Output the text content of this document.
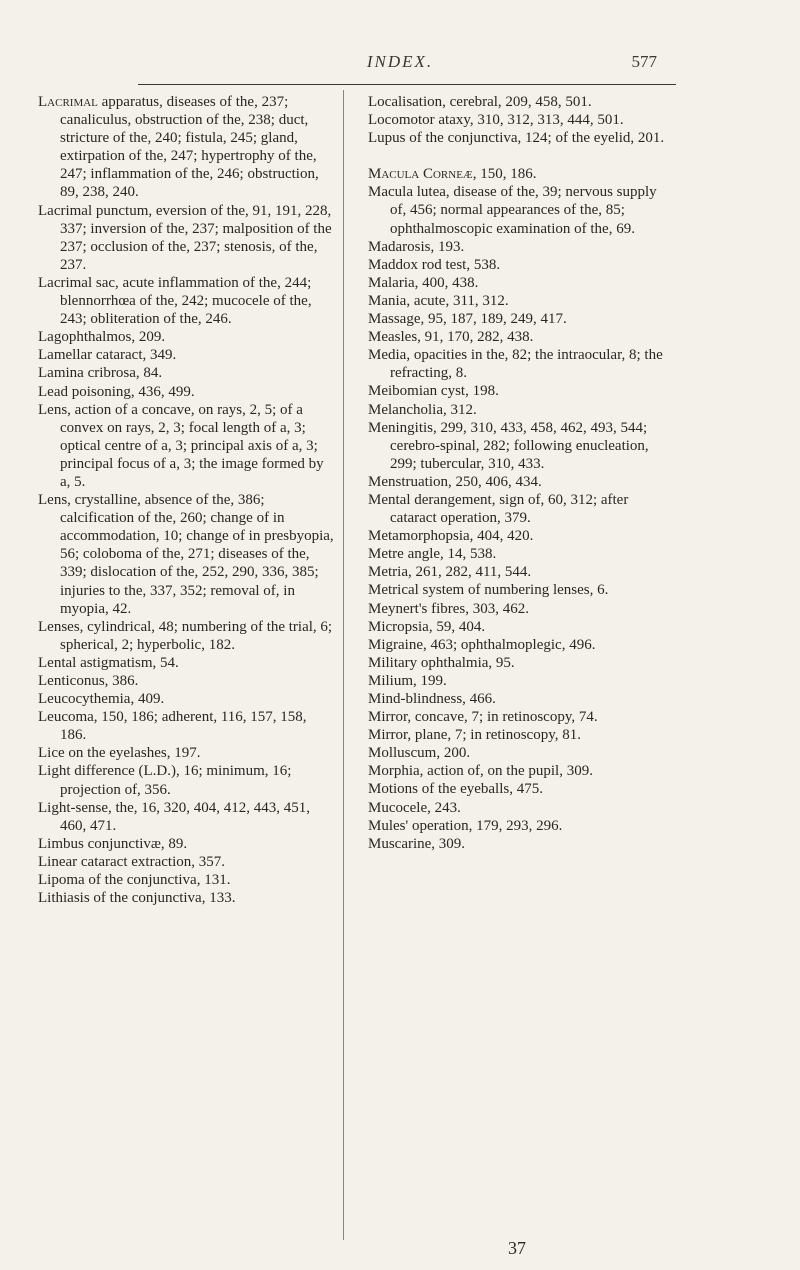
INDEX.	577

Lacrimal apparatus, diseases of the, 237; canaliculus, obstruction of the, 238; duct, stricture of the, 240; fistula, 245; gland, extirpation of the, 247; hypertrophy of the, 247; inflammation of the, 246; obstruction, 89, 238, 240.

Lacrimal punctum, eversion of the, 91, 191, 228, 337; inversion of the, 237; malposition of the 237; occlusion of the, 237; stenosis, of the, 237.

Lacrimal sac, acute inflammation of the, 244; blennorrhœa of the, 242; mucocele of the, 243; obliteration of the, 246.

Lagophthalmos, 209.

Lamellar cataract, 349.

Lamina cribrosa, 84.

Lead poisoning, 436, 499.

Lens, action of a concave, on rays, 2, 5; of a convex on rays, 2, 3; focal length of a, 3; optical centre of a, 3; principal axis of a, 3; principal focus of a, 3; the image formed by a, 5.

Lens, crystalline, absence of the, 386; calcification of the, 260; change of in accommodation, 10; change of in presbyopia, 56; coloboma of the, 271; diseases of the, 339; dislocation of the, 252, 290, 336, 385; injuries to the, 337, 352; removal of, in myopia, 42.

Lenses, cylindrical, 48; numbering of the trial, 6; spherical, 2; hyperbolic, 182.

Lental astigmatism, 54.

Lenticonus, 386.

Leucocythemia, 409.

Leucoma, 150, 186; adherent, 116, 157, 158, 186.

Lice on the eyelashes, 197.

Light difference (L.D.), 16; minimum, 16; projection of, 356.

Light-sense, the, 16, 320, 404, 412, 443, 451, 460, 471.

Limbus conjunctivæ, 89.

Linear cataract extraction, 357.

Lipoma of the conjunctiva, 131.

Lithiasis of the conjunctiva, 133.

Localisation, cerebral, 209, 458, 501.

Locomotor ataxy, 310, 312, 313, 444, 501.

Lupus of the conjunctiva, 124; of the eyelid, 201.

Macula Corneæ, 150, 186.

Macula lutea, disease of the, 39; nervous supply of, 456; normal appearances of the, 85; ophthalmoscopic examination of the, 69.

Madarosis, 193.

Maddox rod test, 538.

Malaria, 400, 438.

Mania, acute, 311, 312.

Massage, 95, 187, 189, 249, 417.

Measles, 91, 170, 282, 438.

Media, opacities in the, 82; the intraocular, 8; the refracting, 8.

Meibomian cyst, 198.

Melancholia, 312.

Meningitis, 299, 310, 433, 458, 462, 493, 544; cerebro-spinal, 282; following enucleation, 299; tubercular, 310, 433.

Menstruation, 250, 406, 434.

Mental derangement, sign of, 60, 312; after cataract operation, 379.

Metamorphopsia, 404, 420.

Metre angle, 14, 538.

Metria, 261, 282, 411, 544.

Metrical system of numbering lenses, 6.

Meynert's fibres, 303, 462.

Micropsia, 59, 404.

Migraine, 463; ophthalmoplegic, 496.

Military ophthalmia, 95.

Milium, 199.

Mind-blindness, 466.

Mirror, concave, 7; in retinoscopy, 74.

Mirror, plane, 7; in retinoscopy, 81.

Molluscum, 200.

Morphia, action of, on the pupil, 309.

Motions of the eyeballs, 475.

Mucocele, 243.

Mules' operation, 179, 293, 296.

Muscarine, 309.

37
